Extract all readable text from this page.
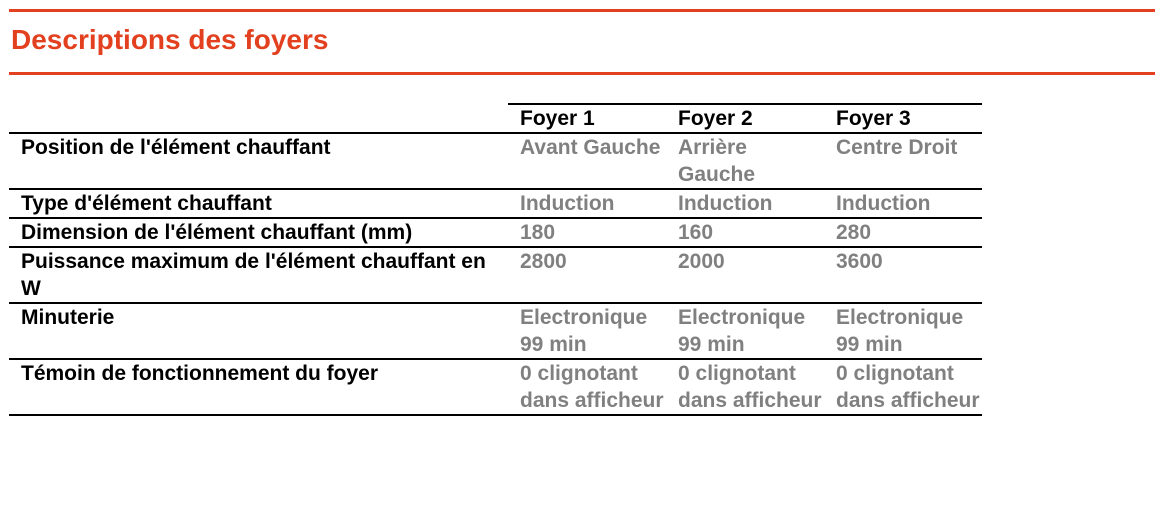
Descriptions des foyers
	Foyer 1	Foyer 2	Foyer 3
Position de l'élément chauffant	Avant Gauche	Arrière Gauche	Centre Droit
Type d'élément chauffant	Induction	Induction	Induction
Dimension de l'élément chauffant (mm)	180	160	280
Puissance maximum de l'élément chauffant en W	2800	2000	3600
Minuterie	Electronique 99 min	Electronique 99 min	Electronique 99 min
Témoin de fonctionnement du foyer	0 clignotant dans afficheur	0 clignotant dans afficheur	0 clignotant dans afficheur
